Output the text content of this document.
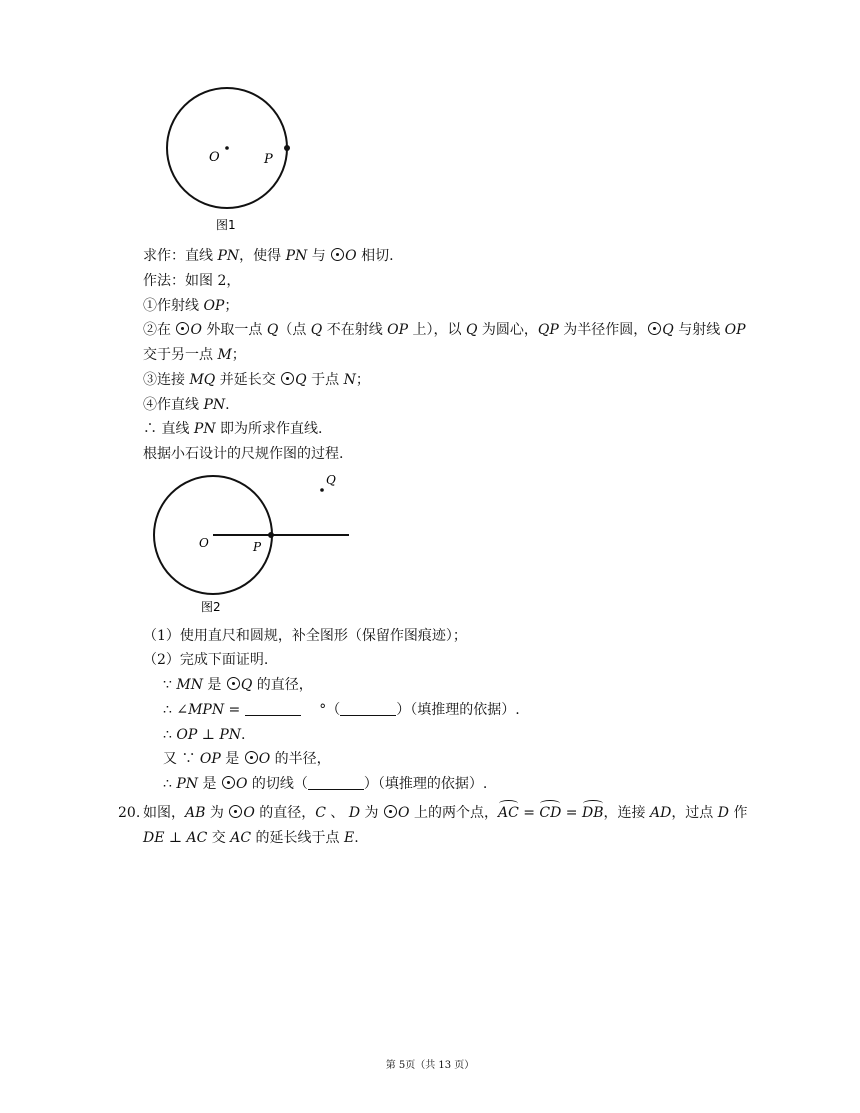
O	P
图1
求作：直线 PN，使得 PN 与 O 相切.
作法：如图 2，
①作射线 OP；
②在 O 外取一点 Q（点 Q 不在射线 OP 上），以 Q 为圆心，QP 为半径作圆， Q 与射线 OP
交于另一点 M；
③连接 MQ 并延长交 Q 于点 N；
④作直线 PN.
∴ 直线 PN 即为所求作直线.
根据小石设计的尺规作图的过程.
O	P
Q
图2
（1）使用直尺和圆规，补全图形（保留作图痕迹）；
（2）完成下面证明.
∵ MN 是 Q 的直径，
∴ ∠MPN =	°（	）（填推理的依据）.
∴ OP ⊥ PN.
又 ∵ OP 是 O 的半径，
∴ PN 是 O 的切线（	）（填推理的依据）.
20. 如图，AB 为 O 的直径，C 、 D 为 O 上的两个点，AC = CD = DB，连接 AD，过点 D 作
DE ⊥ AC 交 AC 的延长线于点 E.
第 5页（共 13 页）
